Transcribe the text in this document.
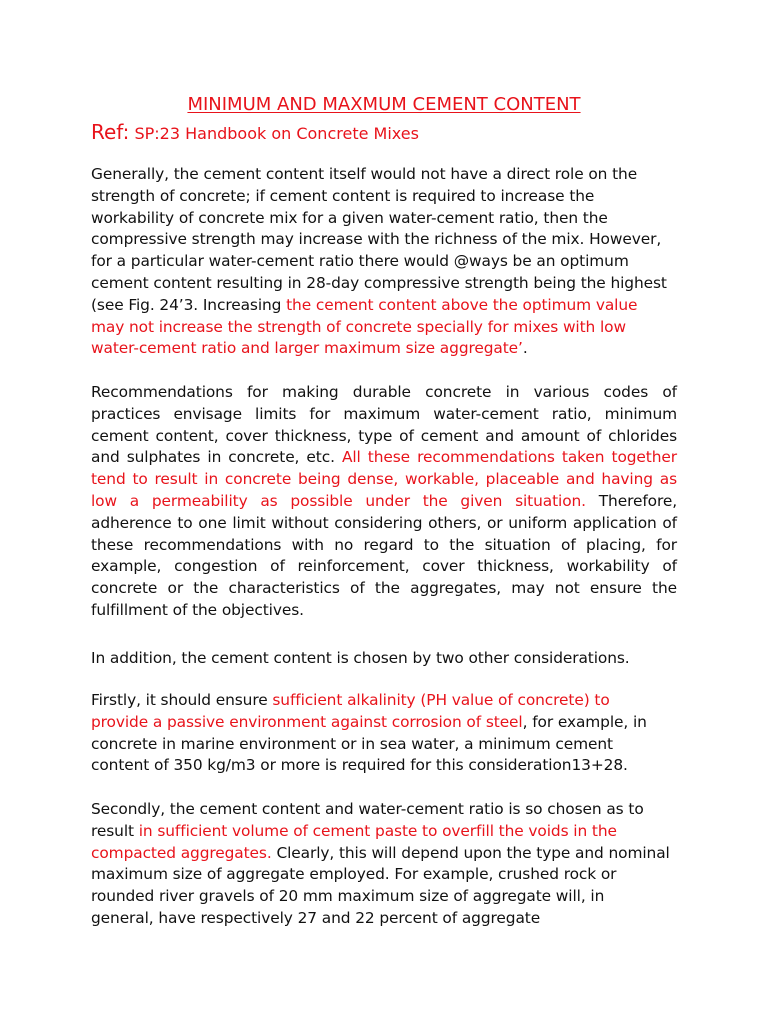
MINIMUM AND MAXMUM CEMENT CONTENT
Ref: SP:23 Handbook on Concrete Mixes
Generally, the cement content itself would not have a direct role on the
strength of concrete; if cement content is required to increase the
workability of concrete mix for a given water-cement ratio, then the
compressive strength may increase with the richness of the mix. However,
for a particular water-cement ratio there would @ways be an optimum
cement content resulting in 28-day compressive strength being the highest
(see Fig. 24’3. Increasing the cement content above the optimum value
may not increase the strength of concrete specially for mixes with low
water-cement ratio and larger maximum size aggregate’.
Recommendations for making durable concrete in various codes of
practices envisage limits for maximum water-cement ratio, minimum
cement content, cover thickness, type of cement and amount of chlorides
and sulphates in concrete, etc. All these recommendations taken together
tend to result in concrete being dense, workable, placeable and having as
low a permeability as possible under the given situation. Therefore,
adherence to one limit without considering others, or uniform application of
these recommendations with no regard to the situation of placing, for
example, congestion of reinforcement, cover thickness, workability of
concrete or the characteristics of the aggregates, may not ensure the
fulfillment of the objectives.
In addition, the cement content is chosen by two other considerations.
Firstly, it should ensure sufficient alkalinity (PH value of concrete) to
provide a passive environment against corrosion of steel, for example, in
concrete in marine environment or in sea water, a minimum cement
content of 350 kg/m3 or more is required for this consideration13+28.
Secondly, the cement content and water-cement ratio is so chosen as to
result in sufficient volume of cement paste to overfill the voids in the
compacted aggregates. Clearly, this will depend upon the type and nominal
maximum size of aggregate employed. For example, crushed rock or
rounded river gravels of 20 mm maximum size of aggregate will, in
general, have respectively 27 and 22 percent of aggregate
